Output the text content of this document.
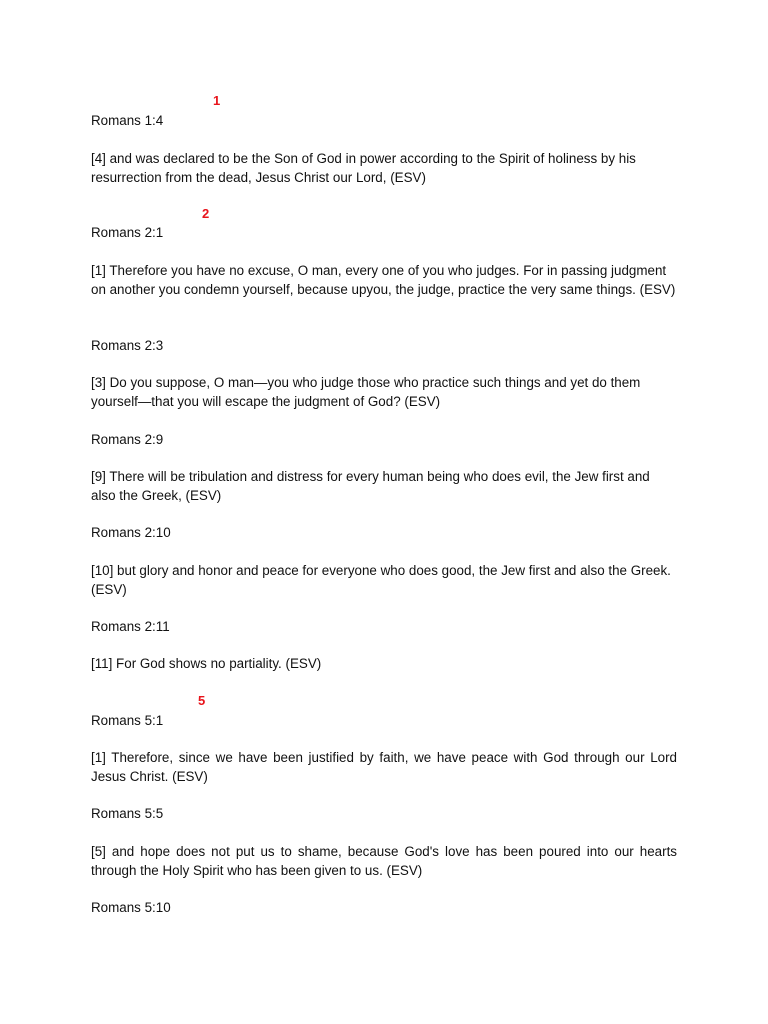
1
Romans 1:4

[4] and was declared to be the Son of God in power according to the Spirit of holiness by his resurrection from the dead, Jesus Christ our Lord, (ESV)

2
Romans 2:1

[1] Therefore you have no excuse, O man, every one of you who judges. For in passing judgment on another you condemn yourself, because upyou, the judge, practice the very same things. (ESV)

Romans 2:3

[3] Do you suppose, O man—you who judge those who practice such things and yet do them yourself—that you will escape the judgment of God? (ESV)

Romans 2:9

[9] There will be tribulation and distress for every human being who does evil, the Jew first and also the Greek, (ESV)

Romans 2:10

[10] but glory and honor and peace for everyone who does good, the Jew first and also the Greek. (ESV)

Romans 2:11

[11] For God shows no partiality. (ESV)

5
Romans 5:1

[1] Therefore, since we have been justified by faith, we have peace with God through our Lord Jesus Christ. (ESV)

Romans 5:5

[5] and hope does not put us to shame, because God's love has been poured into our hearts through the Holy Spirit who has been given to us. (ESV)

Romans 5:10
